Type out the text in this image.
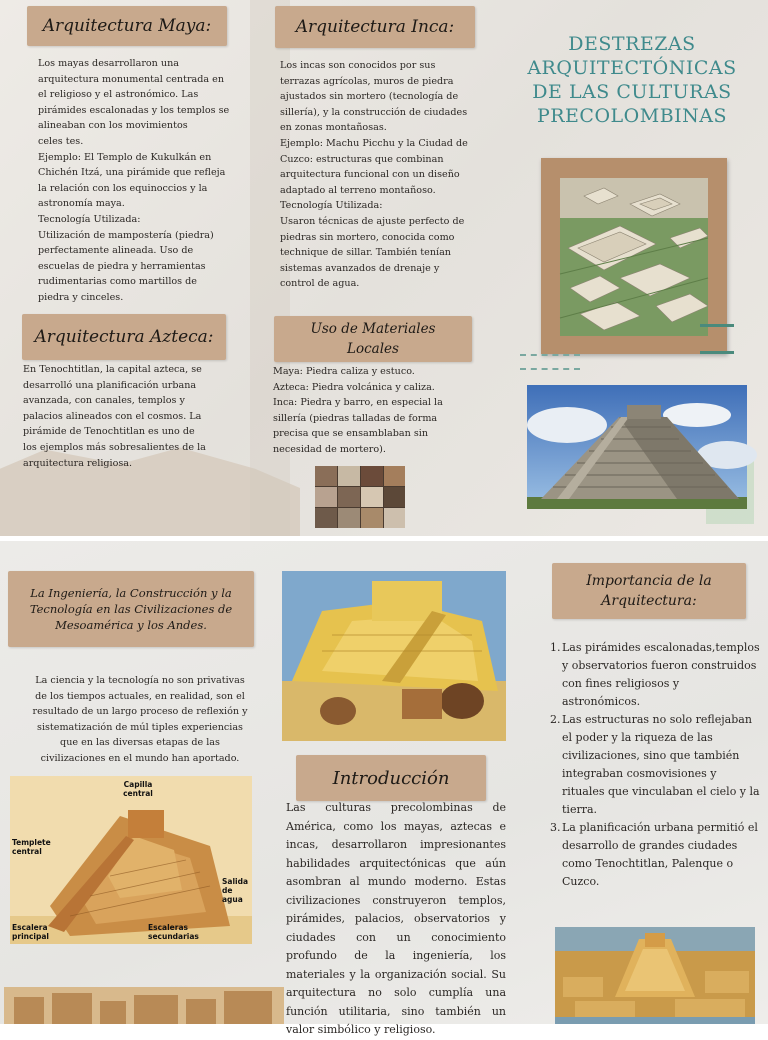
Arquitectura Maya:

Los mayas desarrollaron una
arquitectura monumental centrada en
el religioso y el astronómico. Las
pirámides escalonadas y los templos se
alineaban con los movimientos
celes tes.
Ejemplo: El Templo de Kukulkán en
Chichén Itzá, una pirámide que refleja
la relación con los equinoccios y la
astronomía maya.
Tecnología Utilizada:
Utilización de mampostería (piedra)
perfectamente alineada. Uso de
escuelas de piedra y herramientas
rudimentarias como martillos de
piedra y cinceles.

Arquitectura Inca:

Los incas son conocidos por sus
terrazas agrícolas, muros de piedra
ajustados sin mortero (tecnología de
sillería), y la construcción de ciudades
en zonas montañosas.
Ejemplo: Machu Picchu y la Ciudad de
Cuzco: estructuras que combinan
arquitectura funcional con un diseño
adaptado al terreno montañoso.
Tecnología Utilizada:
Usaron técnicas de ajuste perfecto de
piedras sin mortero, conocida como
technique de sillar. También tenían
sistemas avanzados de drenaje y
control de agua.

DESTREZAS ARQUITECTÓNICAS DE LAS CULTURAS PRECOLOMBINAS
Arquitectura Azteca:

En Tenochtitlan, la capital azteca, se
desarrolló una planificación urbana
avanzada, con canales, templos y
palacios alineados con el cosmos. La
pirámide de Tenochtitlan es uno de
los ejemplos más sobresalientes de la
arquitectura religiosa.

Uso de Materiales Locales

Maya: Piedra caliza y estuco.
Azteca: Piedra volcánica y caliza.
Inca: Piedra y barro, en especial la
sillería (piedras talladas de forma
precisa que se ensamblaban sin
necesidad de mortero).

La Ingeniería, la Construcción y la Tecnología en las Civilizaciones de Mesoamérica y los Andes.

La ciencia y la tecnología no son privativas
de los tiempos actuales, en realidad, son el
resultado de un largo proceso de reflexión y
sistematización de múl tiples experiencias
que en las diversas etapas de las
civilizaciones en el mundo han aportado.

Capilla central
Templete central
Salida de agua
Escalera principal
Escaleras secundarias
Introducción

Las culturas precolombinas de América, como los mayas, aztecas e incas, desarrollaron impresionantes habilidades arquitectónicas que aún asombran al mundo moderno. Estas civilizaciones construyeron templos, pirámides, palacios, observatorios y ciudades con un conocimiento profundo de la ingeniería, los materiales y la organización social. Su arquitectura no solo cumplía una función utilitaria, sino también un valor simbólico y religioso.

Importancia de la Arquitectura:
1. Las pirámides escalonadas,templos y observatorios fueron construidos con fines religiosos y astronómicos.
2. Las estructuras no solo reflejaban el poder y la riqueza de las civilizaciones, sino que también integraban cosmovisiones y rituales que vinculaban el cielo y la tierra.
3. La planificación urbana permitió el desarrollo de grandes ciudades como Tenochtitlan, Palenque o Cuzco.
